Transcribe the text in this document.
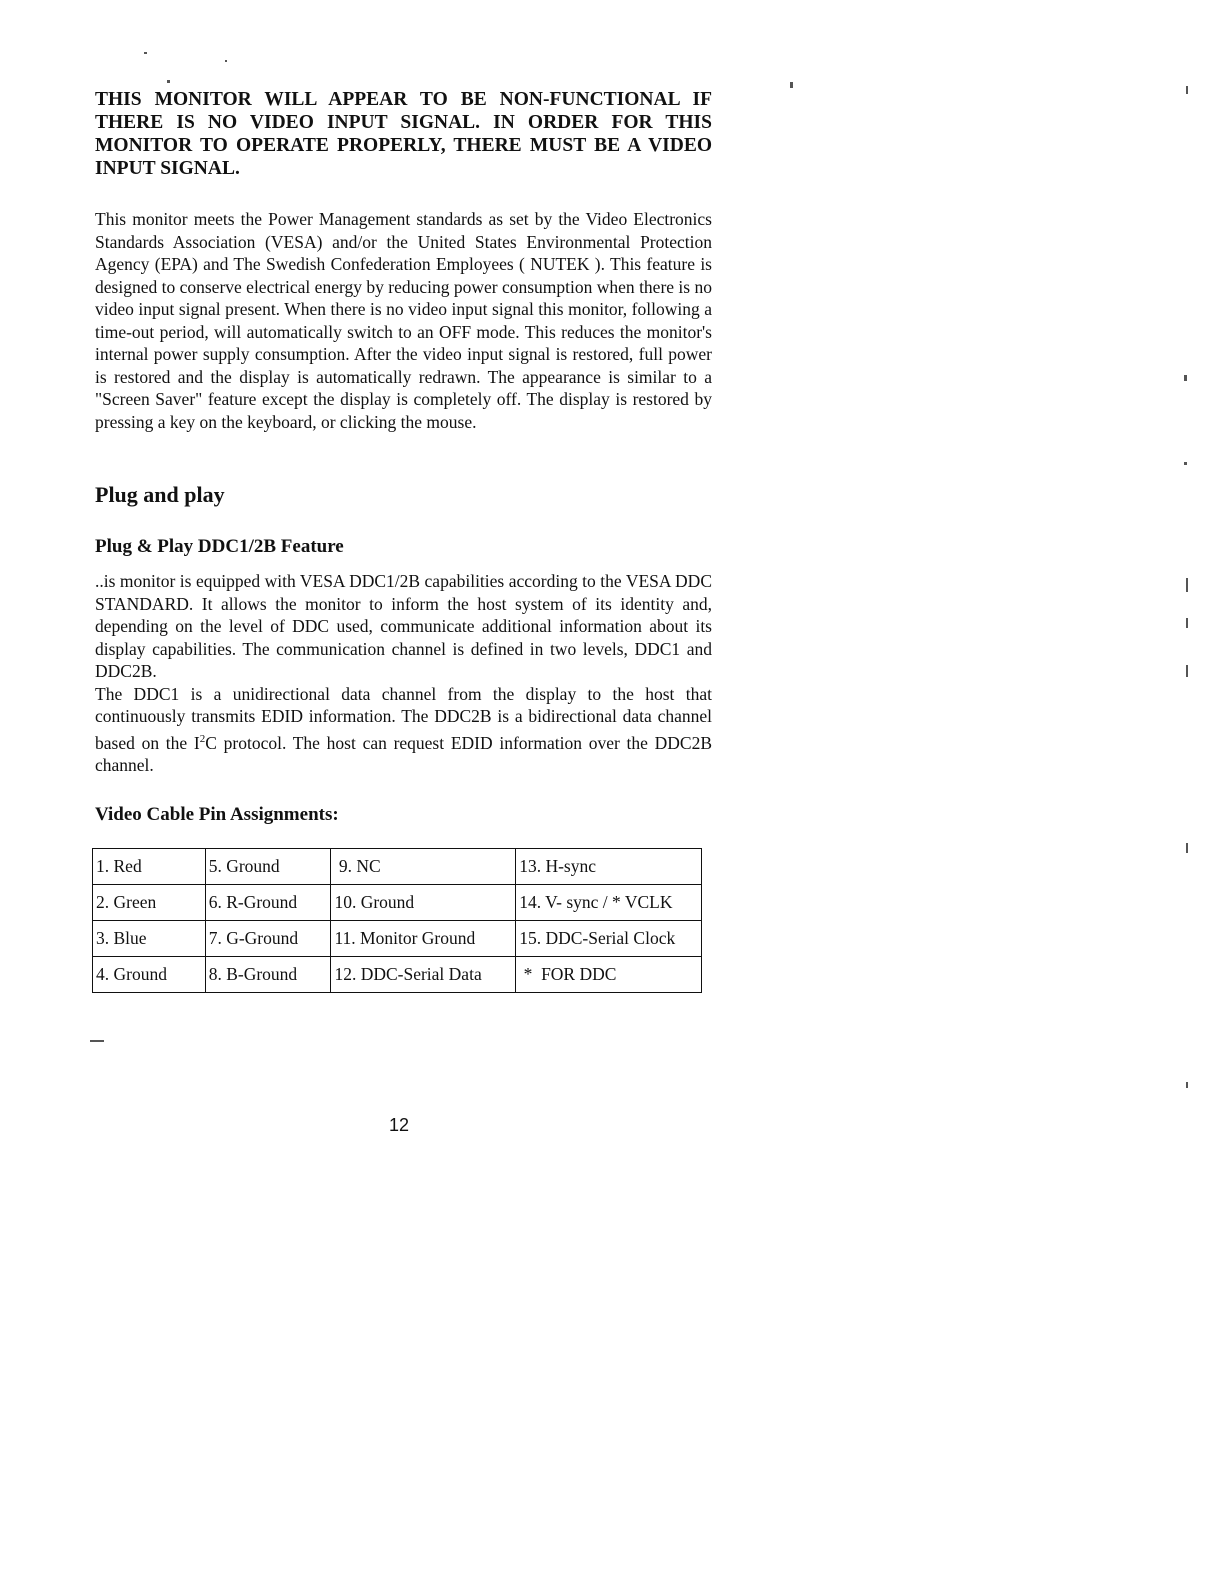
THIS MONITOR WILL APPEAR TO BE NON-FUNCTIONAL IF THERE IS NO VIDEO INPUT SIGNAL. IN ORDER FOR THIS MONITOR TO OPERATE PROPERLY, THERE MUST BE A VIDEO INPUT SIGNAL.

This monitor meets the Power Management standards as set by the Video Electronics Standards Association (VESA) and/or the United States Environmental Protection Agency (EPA) and The Swedish Confederation Employees ( NUTEK ). This feature is designed to conserve electrical energy by reducing power consumption when there is no video input signal present. When there is no video input signal this monitor, following a time-out period, will automatically switch to an OFF mode. This reduces the monitor's internal power supply consumption. After the video input signal is restored, full power is restored and the display is automatically redrawn. The appearance is similar to a "Screen Saver" feature except the display is completely off. The display is restored by pressing a key on the keyboard, or clicking the mouse.

Plug and play
Plug & Play DDC1/2B Feature

..is monitor is equipped with VESA DDC1/2B capabilities according to the VESA DDC STANDARD. It allows the monitor to inform the host system of its identity and, depending on the level of DDC used, communicate additional information about its display capabilities. The communication channel is defined in two levels, DDC1 and DDC2B.

The DDC1 is a unidirectional data channel from the display to the host that continuously transmits EDID information. The DDC2B is a bidirectional data channel based on the $I^2C$ protocol. The host can request EDID information over the DDC2B channel.

Video Cable Pin Assignments:
1. Red	5. Ground	9. NC	13. H-sync
2. Green	6. R-Ground	10. Ground	14. V- sync / * VCLK
3. Blue	7. G-Ground	11. Monitor Ground	15. DDC-Serial Clock
4. Ground	8. B-Ground	12. DDC-Serial Data	*  FOR DDC
12
